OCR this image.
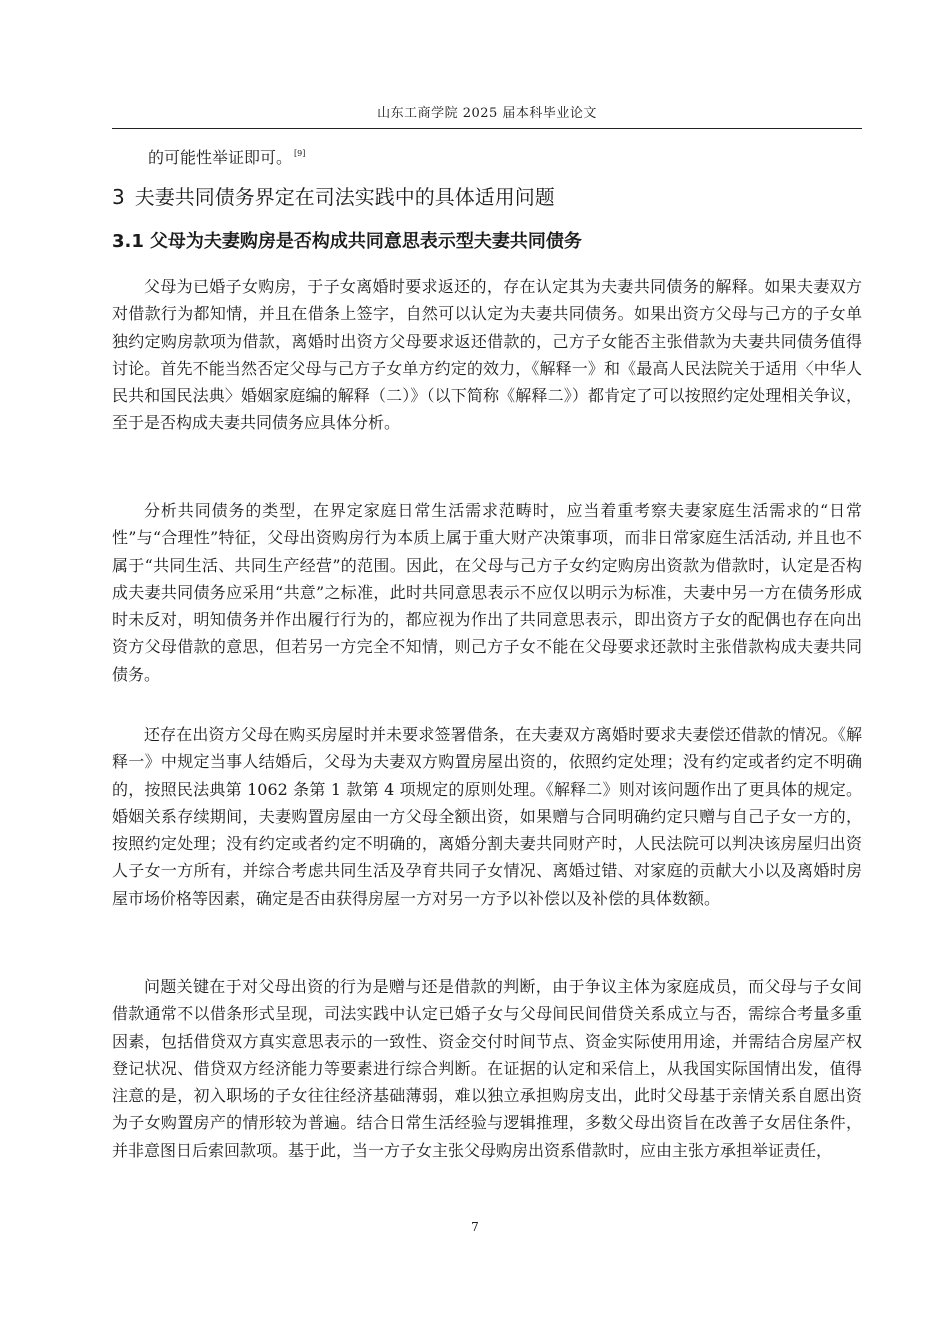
山东工商学院 2025 届本科毕业论文
的可能性举证即可。 [9]
3 夫妻共同债务界定在司法实践中的具体适用问题
3.1 父母为夫妻购房是否构成共同意思表示型夫妻共同债务

父母为已婚子女购房，于子女离婚时要求返还的，存在认定其为夫妻共同债务的解释。如果夫妻双方对借款行为都知情，并且在借条上签字，自然可以认定为夫妻共同债务。如果出资方父母与己方的子女单独约定购房款项为借款，离婚时出资方父母要求返还借款的，己方子女能否主张借款为夫妻共同债务值得讨论。首先不能当然否定父母与己方子女单方约定的效力，《解释一》和《最高人民法院关于适用〈中华人民共和国民法典〉婚姻家庭编的解释（二）》（以下简称《解释二》）都肯定了可以按照约定处理相关争议，至于是否构成夫妻共同债务应具体分析。

分析共同债务的类型，在界定家庭日常生活需求范畴时，应当着重考察夫妻家庭生活需求的“日常性”与“合理性”特征，父母出资购房行为本质上属于重大财产决策事项，而非日常家庭生活活动, 并且也不属于“共同生活、共同生产经营”的范围。因此，在父母与己方子女约定购房出资款为借款时，认定是否构成夫妻共同债务应采用“共意”之标准，此时共同意思表示不应仅以明示为标准，夫妻中另一方在债务形成时未反对，明知债务并作出履行行为的，都应视为作出了共同意思表示，即出资方子女的配偶也存在向出资方父母借款的意思，但若另一方完全不知情，则己方子女不能在父母要求还款时主张借款构成夫妻共同债务。

还存在出资方父母在购买房屋时并未要求签署借条，在夫妻双方离婚时要求夫妻偿还借款的情况。《解释一》中规定当事人结婚后，父母为夫妻双方购置房屋出资的，依照约定处理；没有约定或者约定不明确的，按照民法典第 1062 条第 1 款第 4 项规定的原则处理。《解释二》则对该问题作出了更具体的规定。婚姻关系存续期间，夫妻购置房屋由一方父母全额出资，如果赠与合同明确约定只赠与自己子女一方的，按照约定处理；没有约定或者约定不明确的，离婚分割夫妻共同财产时，人民法院可以判决该房屋归出资人子女一方所有，并综合考虑共同生活及孕育共同子女情况、离婚过错、对家庭的贡献大小以及离婚时房屋市场价格等因素，确定是否由获得房屋一方对另一方予以补偿以及补偿的具体数额。

问题关键在于对父母出资的行为是赠与还是借款的判断，由于争议主体为家庭成员，而父母与子女间借款通常不以借条形式呈现，司法实践中认定已婚子女与父母间民间借贷关系成立与否，需综合考量多重因素，包括借贷双方真实意思表示的一致性、资金交付时间节点、资金实际使用用途，并需结合房屋产权登记状况、借贷双方经济能力等要素进行综合判断。在证据的认定和采信上，从我国实际国情出发，值得注意的是，初入职场的子女往往经济基础薄弱，难以独立承担购房支出，此时父母基于亲情关系自愿出资为子女购置房产的情形较为普遍。结合日常生活经验与逻辑推理，多数父母出资旨在改善子女居住条件，并非意图日后索回款项。基于此，当一方子女主张父母购房出资系借款时，应由主张方承担举证责任，

7
